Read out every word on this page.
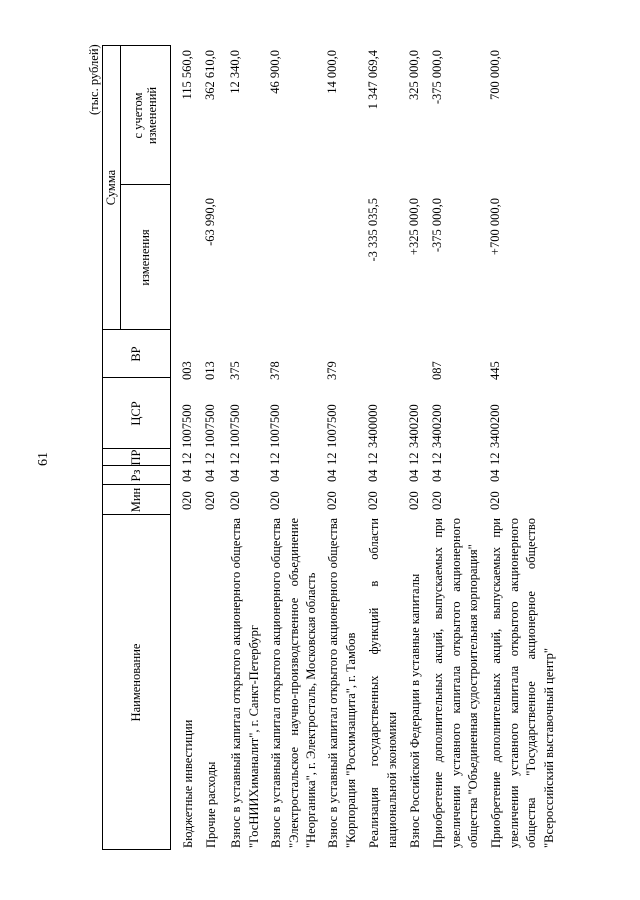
61
(тыс. рублей)
Наименование
Мин
Рз
ПР
ЦСР
ВР
Сумма
изменения
с учетом изменений
Бюджетные инвестиции
020
04
12
1007500
003
115 560,0
Прочие расходы
020
04
12
1007500
013
-63 990,0
362 610,0
Взнос в уставный капитал открытого акционерного общества "ГосНИИХиманалит", г. Санкт-Петербург
020
04
12
1007500
375
12 340,0
Взнос в уставный капитал открытого акционерного общества "Электростальское научно-производственное объединение "Неорганика", г. Электросталь, Московская область
020
04
12
1007500
378
46 900,0
Взнос в уставный капитал открытого акционерного общества "Корпорация "Росхимзащита", г. Тамбов
020
04
12
1007500
379
14 000,0
Реализация государственных функций в области национальной экономики
020
04
12
3400000
-3 335 035,5
1 347 069,4
Взнос Российской Федерации в уставные капиталы
020
04
12
3400200
+325 000,0
325 000,0
Приобретение дополнительных акций, выпускаемых при увеличении уставного капитала открытого акционерного общества "Объединенная судостроительная корпорация"
020
04
12
3400200
087
-375 000,0
-375 000,0
Приобретение дополнительных акций, выпускаемых при увеличении уставного капитала открытого акционерного общества "Государственное акционерное общество "Всероссийский выставочный центр"
020
04
12
3400200
445
+700 000,0
700 000,0
